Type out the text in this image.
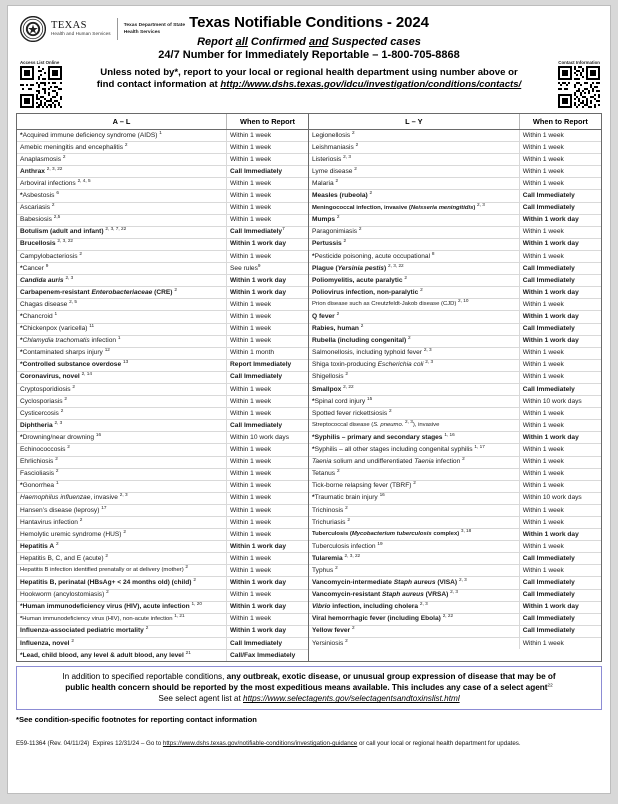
TEXAS
Health and Human Services
Texas Department of State
Health Services
Access List Online	Contact Information
Texas Notifiable Conditions - 2024
Report all Confirmed and Suspected cases
24/7 Number for Immediately Reportable – 1-800-705-8868
Unless noted by*, report to your local or regional health department using number above or
find contact information at http://www.dshs.texas.gov/idcu/investigation/conditions/contacts/
A – L	When to Report
*Acquired immune deficiency syndrome (AIDS) $^1$	Within 1 week
Amebic meningitis and encephalitis $^2$	Within 1 week
Anaplasmosis $^2$	Within 1 week
Anthrax $^{2, 3, 22}$	Call Immediately
Arboviral infections $^{2, 4, 5}$	Within 1 week
*Asbestosis $^6$	Within 1 week
Ascariasis $^2$	Within 1 week
Babesiosis $^{2,5}$	Within 1 week
Botulism (adult and infant) $^{2, 3, 7, 22}$	Call Immediately$^7$
Brucellosis $^{2, 3, 22}$	Within 1 work day
Campylobacteriosis $^2$	Within 1 week
*Cancer $^9$	See rules$^9$
Candida auris $^{2, 3}$	Within 1 work day
Carbapenem-resistant Enterobacteriaceae (CRE) $^2$	Within 1 work day
Chagas disease $^{2, 5}$	Within 1 week
*Chancroid $^1$	Within 1 week
*Chickenpox (varicella) $^{11}$	Within 1 week
*Chlamydia trachomatis infection $^1$	Within 1 week
*Contaminated sharps injury $^{12}$	Within 1 month
*Controlled substance overdose $^{13}$	Report Immediately
Coronavirus, novel $^{2, 14}$	Call Immediately
Cryptosporidiosis $^2$	Within 1 week
Cyclosporiasis $^2$	Within 1 week
Cysticercosis $^2$	Within 1 week
Diphtheria $^{2, 3}$	Call Immediately
*Drowning/near drowning $^{16}$	Within 10 work days
Echinococcosis $^2$	Within 1 week
Ehrlichiosis $^2$	Within 1 week
Fascioliasis $^2$	Within 1 week
*Gonorrhea $^1$	Within 1 week
Haemophilus influenzae, invasive $^{2, 3}$	Within 1 week
Hansen’s disease (leprosy) $^{17}$	Within 1 week
Hantavirus infection $^2$	Within 1 week
Hemolytic uremic syndrome (HUS) $^2$	Within 1 week
Hepatitis A $^2$	Within 1 work day
Hepatitis B, C, and E (acute) $^2$	Within 1 week
Hepatitis B infection identified prenatally or at delivery (mother) $^2$	Within 1 week
Hepatitis B, perinatal (HBsAg+ < 24 months old) (child) $^2$	Within 1 work day
Hookworm (ancylostomiasis) $^2$	Within 1 week
*Human immunodeficiency virus (HIV), acute infection $^{1, 20}$	Within 1 work day
*Human immunodeficiency virus (HIV), non-acute infection $^{1, 21}$	Within 1 week
Influenza-associated pediatric mortality $^2$	Within 1 work day
Influenza, novel $^2$	Call Immediately
*Lead, child blood, any level & adult blood, any level $^{21}$	Call/Fax Immediately
L – Y	When to Report
Legionellosis $^2$	Within 1 week
Leishmaniasis $^2$	Within 1 week
Listeriosis $^{2, 3}$	Within 1 week
Lyme disease $^2$	Within 1 week
Malaria $^2$	Within 1 week
Measles (rubeola) $^2$	Call Immediately
Meningococcal infection, invasive (Neisseria meningitidis) $^{2, 3}$	Call Immediately
Mumps $^2$	Within 1 work day
Paragonimiasis $^2$	Within 1 week
Pertussis $^2$	Within 1 work day
*Pesticide poisoning, acute occupational $^8$	Within 1 week
Plague (Yersinia pestis) $^{2, 3, 22}$	Call Immediately
Poliomyelitis, acute paralytic $^2$	Call Immediately
Poliovirus infection, non-paralytic $^2$	Within 1 work day
Prion disease such as Creutzfeldt-Jakob disease (CJD) $^{2, 10}$	Within 1 week
Q fever $^2$	Within 1 work day
Rabies, human $^2$	Call Immediately
Rubella (including congenital) $^2$	Within 1 work day
Salmonellosis, including typhoid fever $^{2, 3}$	Within 1 week
Shiga toxin-producing Escherichia coli $^{2, 3}$	Within 1 week
Shigellosis $^2$	Within 1 week
Smallpox $^{2, 22}$	Call Immediately
*Spinal cord injury $^{15}$	Within 10 work days
Spotted fever rickettsiosis $^2$	Within 1 week
Streptococcal disease (S. pneumo. $^{2, 3}$), invasive	Within 1 week
*Syphilis – primary and secondary stages $^{1, 16}$	Within 1 work day
*Syphilis – all other stages including congenital syphilis $^{1, 17}$	Within 1 week
Taenia solium and undifferentiated Taenia infection $^2$	Within 1 week
Tetanus $^2$	Within 1 week
Tick-borne relapsing fever (TBRF) $^2$	Within 1 week
*Traumatic brain injury $^{16}$	Within 10 work days
Trichinosis $^2$	Within 1 week
Trichuriasis $^2$	Within 1 week
Tuberculosis (Mycobacterium tuberculosis complex) $^{3, 18}$	Within 1 work day
Tuberculosis infection $^{19}$	Within 1 week
Tularemia $^{2, 3, 22}$	Call Immediately
Typhus $^2$	Within 1 week
Vancomycin-intermediate Staph aureus (VISA) $^{2, 3}$	Call Immediately
Vancomycin-resistant Staph aureus (VRSA) $^{2, 3}$	Call Immediately
Vibrio infection, including cholera $^{2, 3}$	Within 1 work day
Viral hemorrhagic fever (including Ebola) $^{2, 22}$	Call Immediately
Yellow fever $^2$	Call Immediately
Yersiniosis $^2$	Within 1 week
In addition to specified reportable conditions, any outbreak, exotic disease, or unusual group expression of disease that may be of
public health concern should be reported by the most expeditious means available. This includes any case of a select agent$^{22}$
See select agent list at https://www.selectagents.gov/selectagentsandtoxinslist.html
*See condition-specific footnotes for reporting contact information
E59-11364 (Rev. 04/11/24) Expires 12/31/24 – Go to https://www.dshs.texas.gov/notifiable-conditions/investigation-guidance or call your local or regional health department for updates.
